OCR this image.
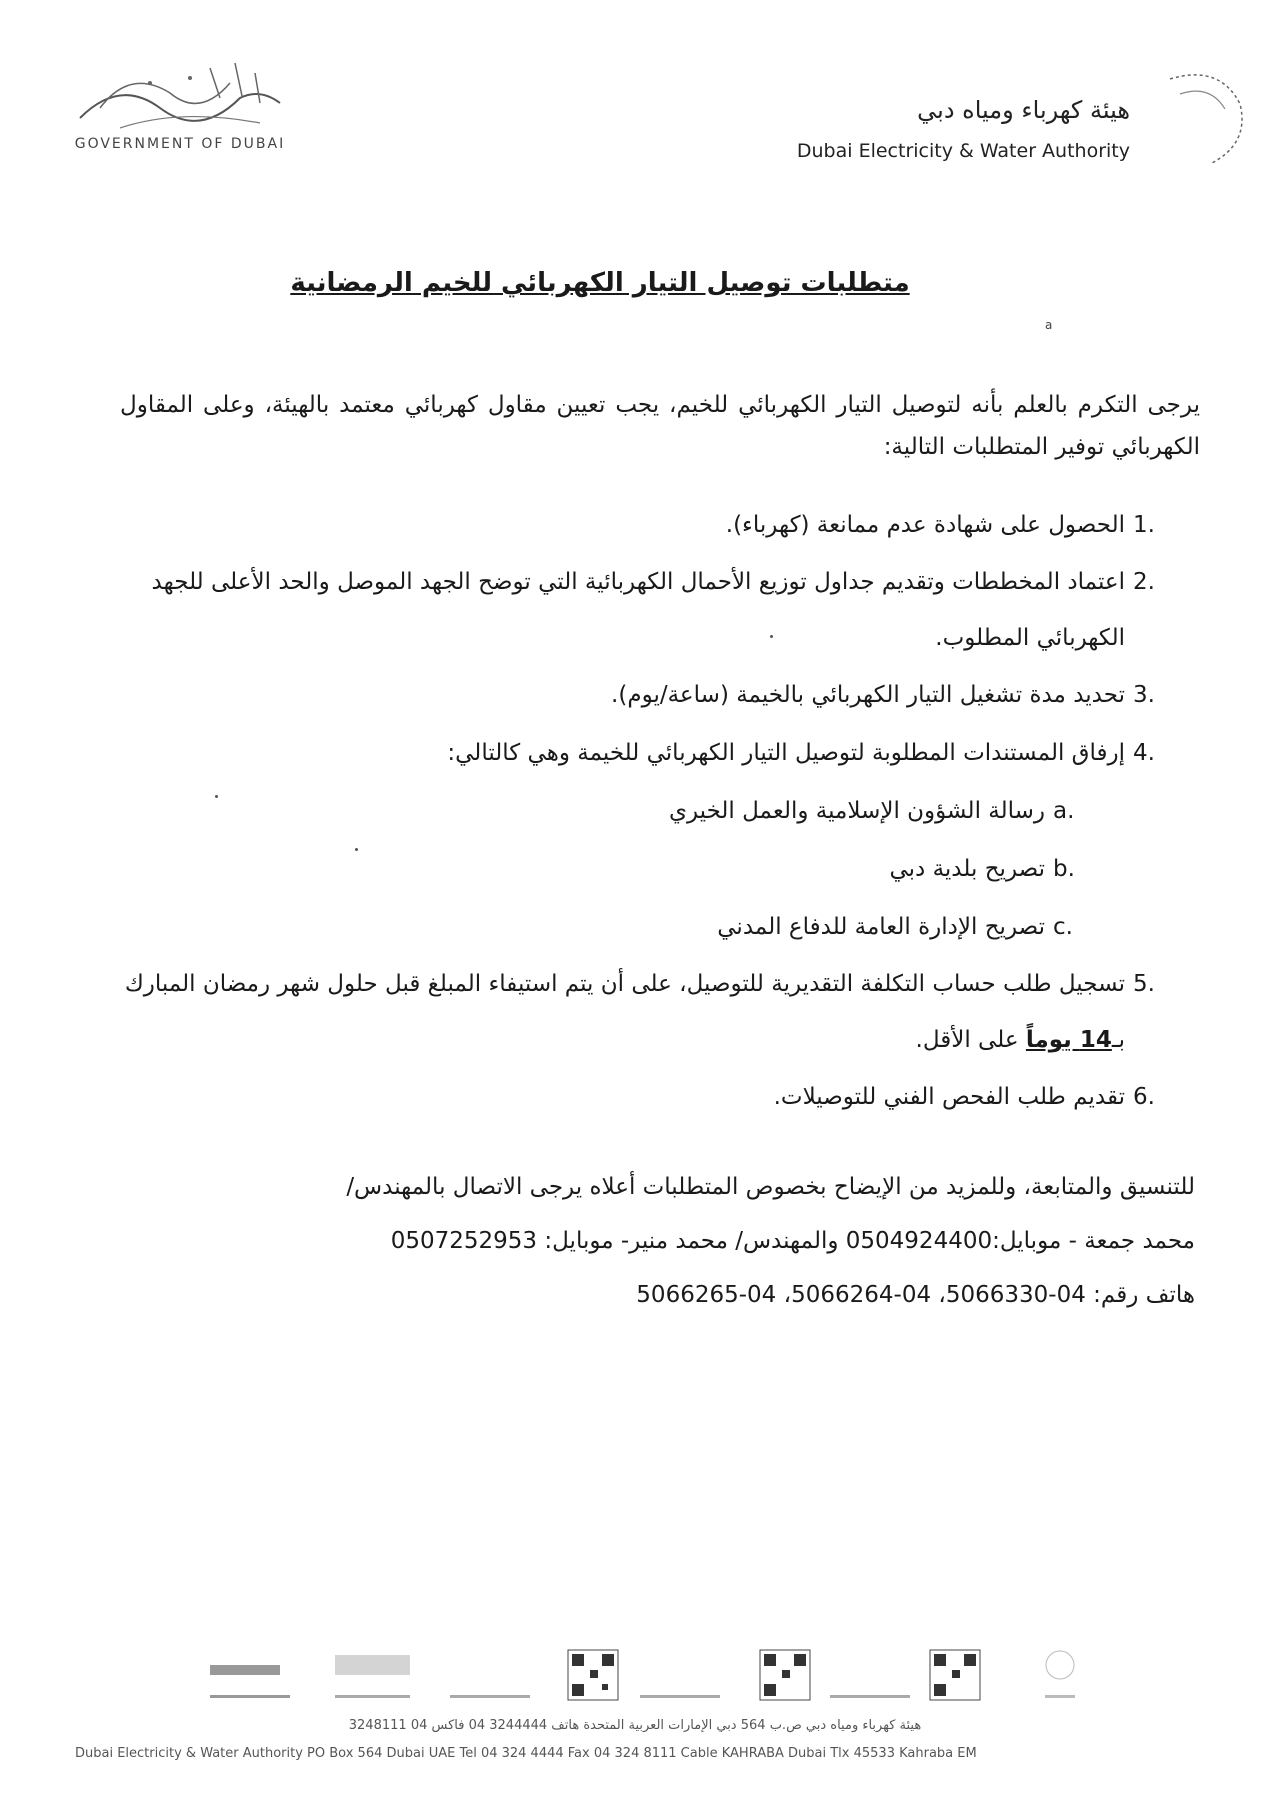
GOVERNMENT OF DUBAI
هيئة كهرباء ومياه دبي
Dubai Electricity & Water Authority
متطلبات توصيل التيار الكهربائي للخيم الرمضانية
a
يرجى التكرم بالعلم بأنه لتوصيل التيار الكهربائي للخيم، يجب تعيين مقاول كهربائي معتمد بالهيئة، وعلى المقاول الكهربائي توفير المتطلبات التالية:
1.
الحصول على شهادة عدم ممانعة (كهرباء).
2.
اعتماد المخططات وتقديم جداول توزيع الأحمال الكهربائية التي توضح الجهد الموصل والحد الأعلى للجهد الكهربائي المطلوب.
3.
تحديد مدة تشغيل التيار الكهربائي بالخيمة (ساعة/يوم).
4.
إرفاق المستندات المطلوبة لتوصيل التيار الكهربائي للخيمة وهي كالتالي:
a.
رسالة الشؤون الإسلامية والعمل الخيري
b.
تصريح بلدية دبي
c.
تصريح الإدارة العامة للدفاع المدني
5.
تسجيل طلب حساب التكلفة التقديرية للتوصيل، على أن يتم استيفاء المبلغ قبل حلول شهر رمضان المبارك بـ14 يوماً على الأقل.
6.
تقديم طلب الفحص الفني للتوصيلات.
للتنسيق والمتابعة، وللمزيد من الإيضاح بخصوص المتطلبات أعلاه يرجى الاتصال بالمهندس/
محمد جمعة - موبايل:0504924400 والمهندس/ محمد منير- موبايل: 0507252953
هاتف رقم: 04-5066330، 04-5066264، 04-5066265
هيئة كهرباء ومياه دبي ص.ب 564 دبي الإمارات العربية المتحدة هاتف 3244444 04 فاكس 04 3248111
Dubai Electricity & Water Authority PO Box 564 Dubai UAE Tel 04 324 4444 Fax 04 324 8111 Cable KAHRABA Dubai Tlx 45533 Kahraba EM
